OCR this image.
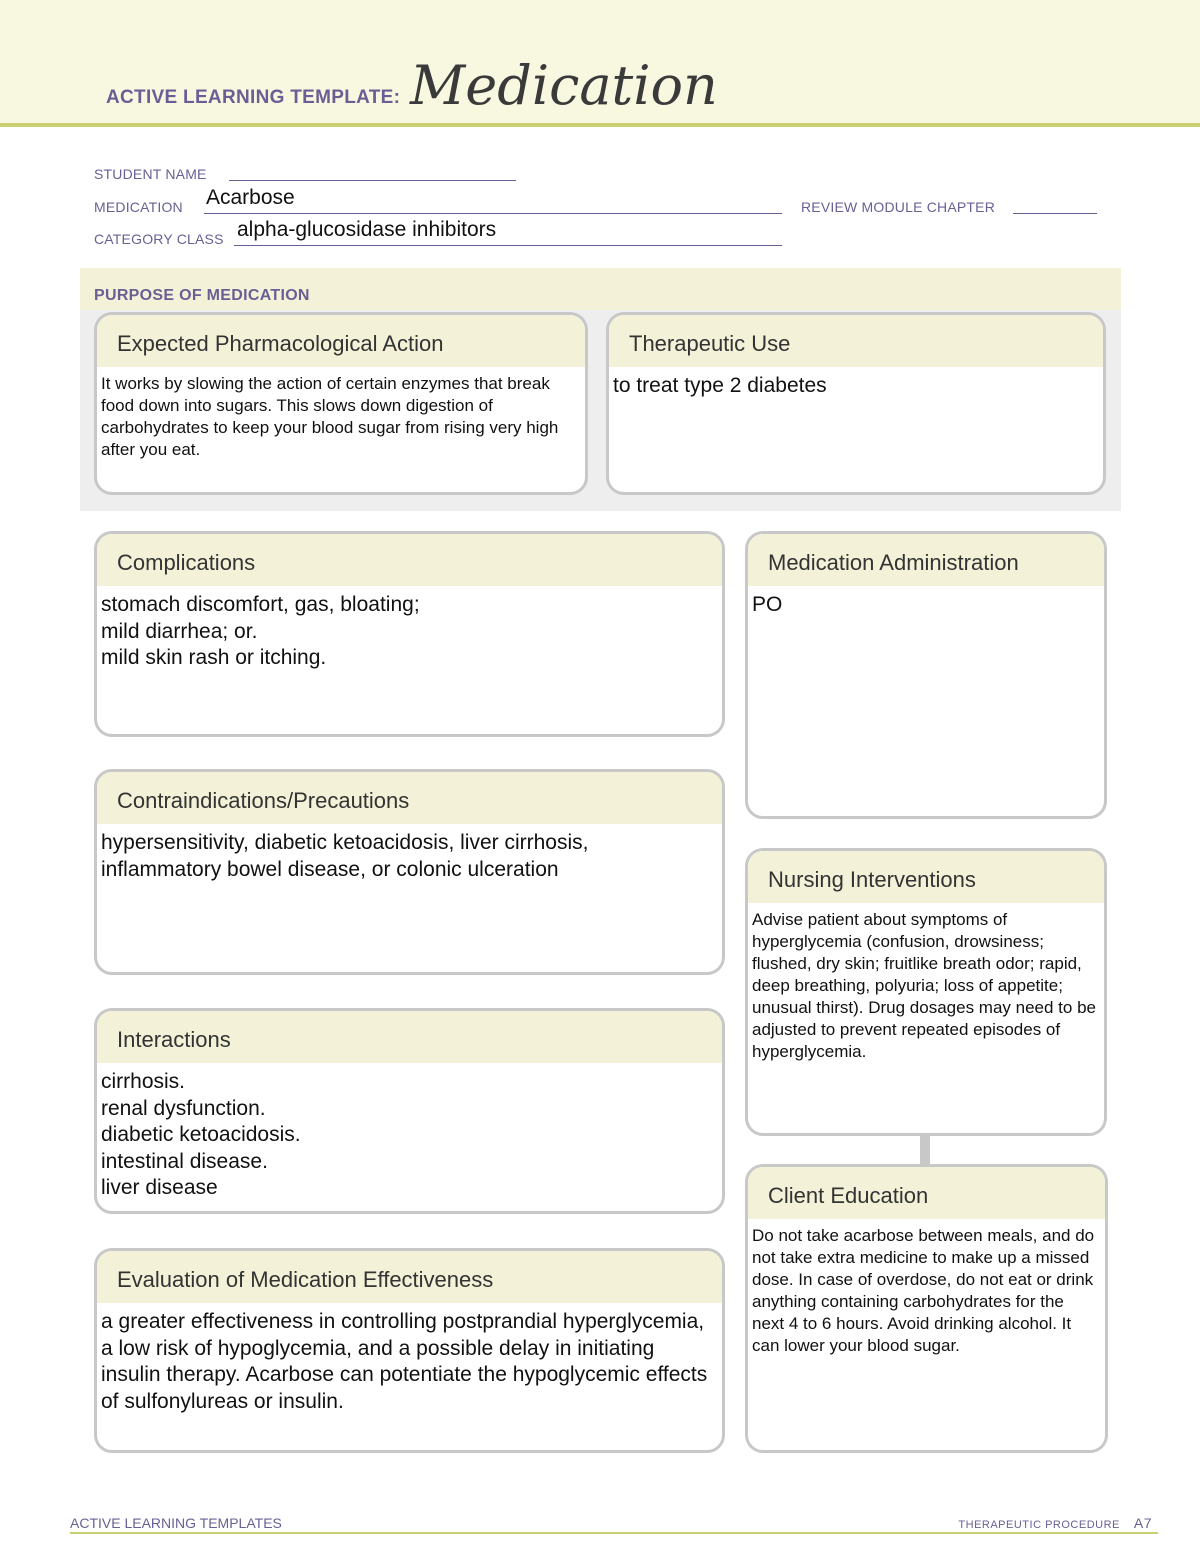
ACTIVE LEARNING TEMPLATE: Medication
STUDENT NAME
MEDICATION Acarbose	REVIEW MODULE CHAPTER
CATEGORY CLASS alpha-glucosidase inhibitors
PURPOSE OF MEDICATION
Expected Pharmacological Action
It works by slowing the action of certain enzymes that break food down into sugars. This slows down digestion of carbohydrates to keep your blood sugar from rising very high after you eat.
Therapeutic Use
to treat type 2 diabetes
Complications
stomach discomfort, gas, bloating;
mild diarrhea; or.
mild skin rash or itching.
Contraindications/Precautions
hypersensitivity, diabetic ketoacidosis, liver cirrhosis,
inflammatory bowel disease, or colonic ulceration
Interactions
cirrhosis.
renal dysfunction.
diabetic ketoacidosis.
intestinal disease.
liver disease
Evaluation of Medication Effectiveness
a greater effectiveness in controlling postprandial hyperglycemia, a low risk of hypoglycemia, and a possible delay in initiating insulin therapy. Acarbose can potentiate the hypoglycemic effects of sulfonylureas or insulin.
Medication Administration
PO
Nursing Interventions
Advise patient about symptoms of hyperglycemia (confusion, drowsiness; flushed, dry skin; fruitlike breath odor; rapid, deep breathing, polyuria; loss of appetite; unusual thirst). Drug dosages may need to be adjusted to prevent repeated episodes of hyperglycemia.
Client Education
Do not take acarbose between meals, and do not take extra medicine to make up a missed dose. In case of overdose, do not eat or drink anything containing carbohydrates for the next 4 to 6 hours. Avoid drinking alcohol. It can lower your blood sugar.
ACTIVE LEARNING TEMPLATES	THERAPEUTIC PROCEDURE A7
